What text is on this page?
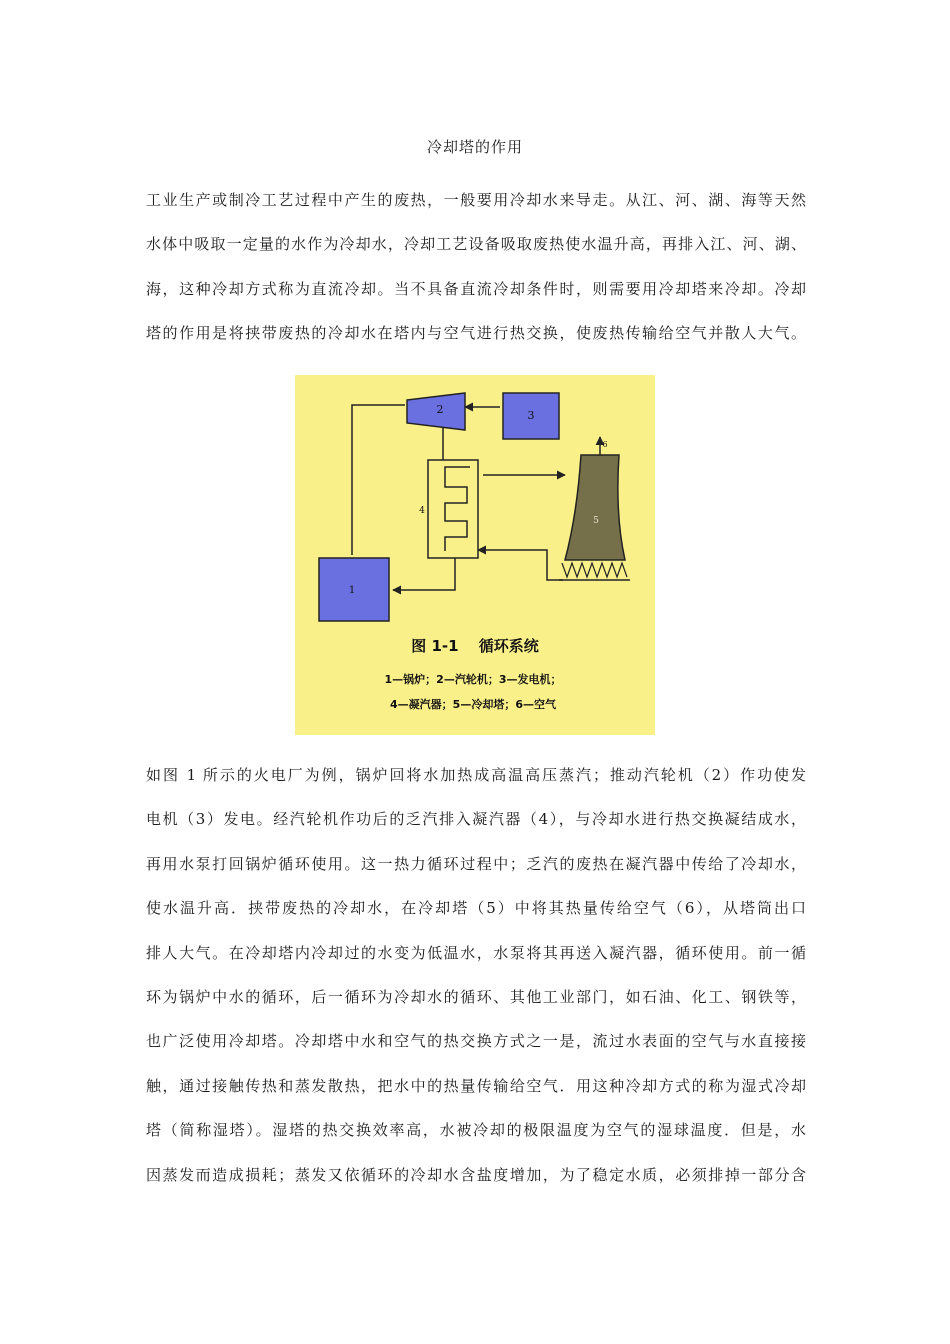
冷却塔的作用
工业生产或制冷工艺过程中产生的废热，一般要用冷却水来导走。从江、河、湖、海等天然
水体中吸取一定量的水作为冷却水，冷却工艺设备吸取废热使水温升高，再排入江、河、湖、
海，这种冷却方式称为直流冷却。当不具备直流冷却条件时，则需要用冷却塔来冷却。冷却
塔的作用是将挟带废热的冷却水在塔内与空气进行热交换，使废热传输给空气并散人大气。
1
2	3
4
5
6
图 1-1　 循环系统
1—锅炉；2—汽轮机；3—发电机；
4—凝汽器；5—冷却塔；6—空气
如图 1 所示的火电厂为例，锅炉回将水加热成高温高压蒸汽；推动汽轮机（2）作功使发
电机（3）发电。经汽轮机作功后的乏汽排入凝汽器（4），与冷却水进行热交换凝结成水，
再用水泵打回锅炉循环使用。这一热力循环过程中；乏汽的废热在凝汽器中传给了冷却水，
使水温升高．挟带废热的冷却水，在冷却塔（5）中将其热量传给空气（6），从塔筒出口
排人大气。在冷却塔内冷却过的水变为低温水，水泵将其再送入凝汽器，循环使用。前一循
环为锅炉中水的循环，后一循环为冷却水的循环、其他工业部门，如石油、化工、钢铁等，
也广泛使用冷却塔。冷却塔中水和空气的热交换方式之一是，流过水表面的空气与水直接接
触，通过接触传热和蒸发散热，把水中的热量传输给空气．用这种冷却方式的称为湿式冷却
塔（简称湿塔）。湿塔的热交换效率高，水被冷却的极限温度为空气的湿球温度．但是，水
因蒸发而造成损耗；蒸发又依循环的冷却水含盐度增加，为了稳定水质，必须排掉一部分含
